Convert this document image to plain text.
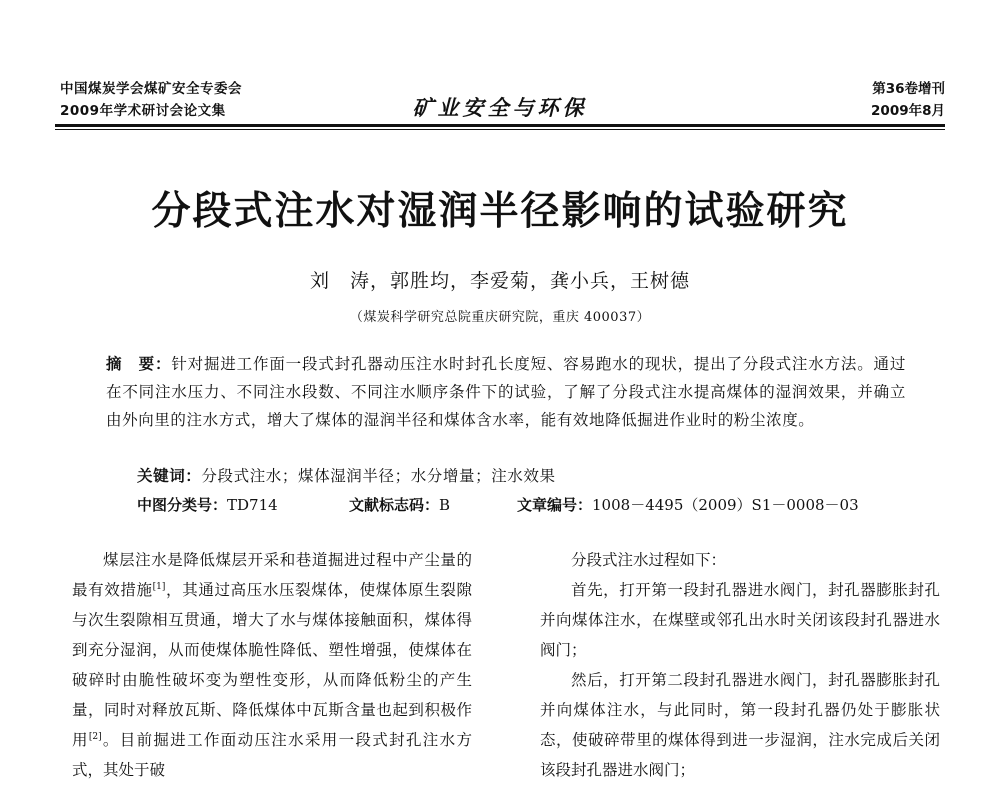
中国煤炭学会煤矿安全专委会
2009年学术研讨会论文集	矿业安全与环保
第36卷增刊
2009年8月
分段式注水对湿润半径影响的试验研究
刘　涛，郭胜均，李爱菊，龚小兵，王树德
（煤炭科学研究总院重庆研究院，重庆 400037）
摘　要：针对掘进工作面一段式封孔器动压注水时封孔长度短、容易跑水的现状，提出了分段式注水方法。通过在不同注水压力、不同注水段数、不同注水顺序条件下的试验，了解了分段式注水提高煤体的湿润效果，并确立由外向里的注水方式，增大了煤体的湿润半径和煤体含水率，能有效地降低掘进作业时的粉尘浓度。
关键词：分段式注水；煤体湿润半径；水分增量；注水效果
中图分类号：TD714	文献标志码：B	文章编号：1008－4495（2009）S1－0008－03

煤层注水是降低煤层开采和巷道掘进过程中产尘量的最有效措施[1]，其通过高压水压裂煤体，使煤体原生裂隙与次生裂隙相互贯通，增大了水与煤体接触面积，煤体得到充分湿润，从而使煤体脆性降低、塑性增强，使煤体在破碎时由脆性破坏变为塑性变形，从而降低粉尘的产生量，同时对释放瓦斯、降低煤体中瓦斯含量也起到积极作用[2]。目前掘进工作面动压注水采用一段式封孔注水方式，其处于破

分段式注水过程如下：

首先，打开第一段封孔器进水阀门，封孔器膨胀封孔并向煤体注水，在煤壁或邻孔出水时关闭该段封孔器进水阀门；

然后，打开第二段封孔器进水阀门，封孔器膨胀封孔并向煤体注水，与此同时，第一段封孔器仍处于膨胀状态，使破碎带里的煤体得到进一步湿润，注水完成后关闭该段封孔器进水阀门；
